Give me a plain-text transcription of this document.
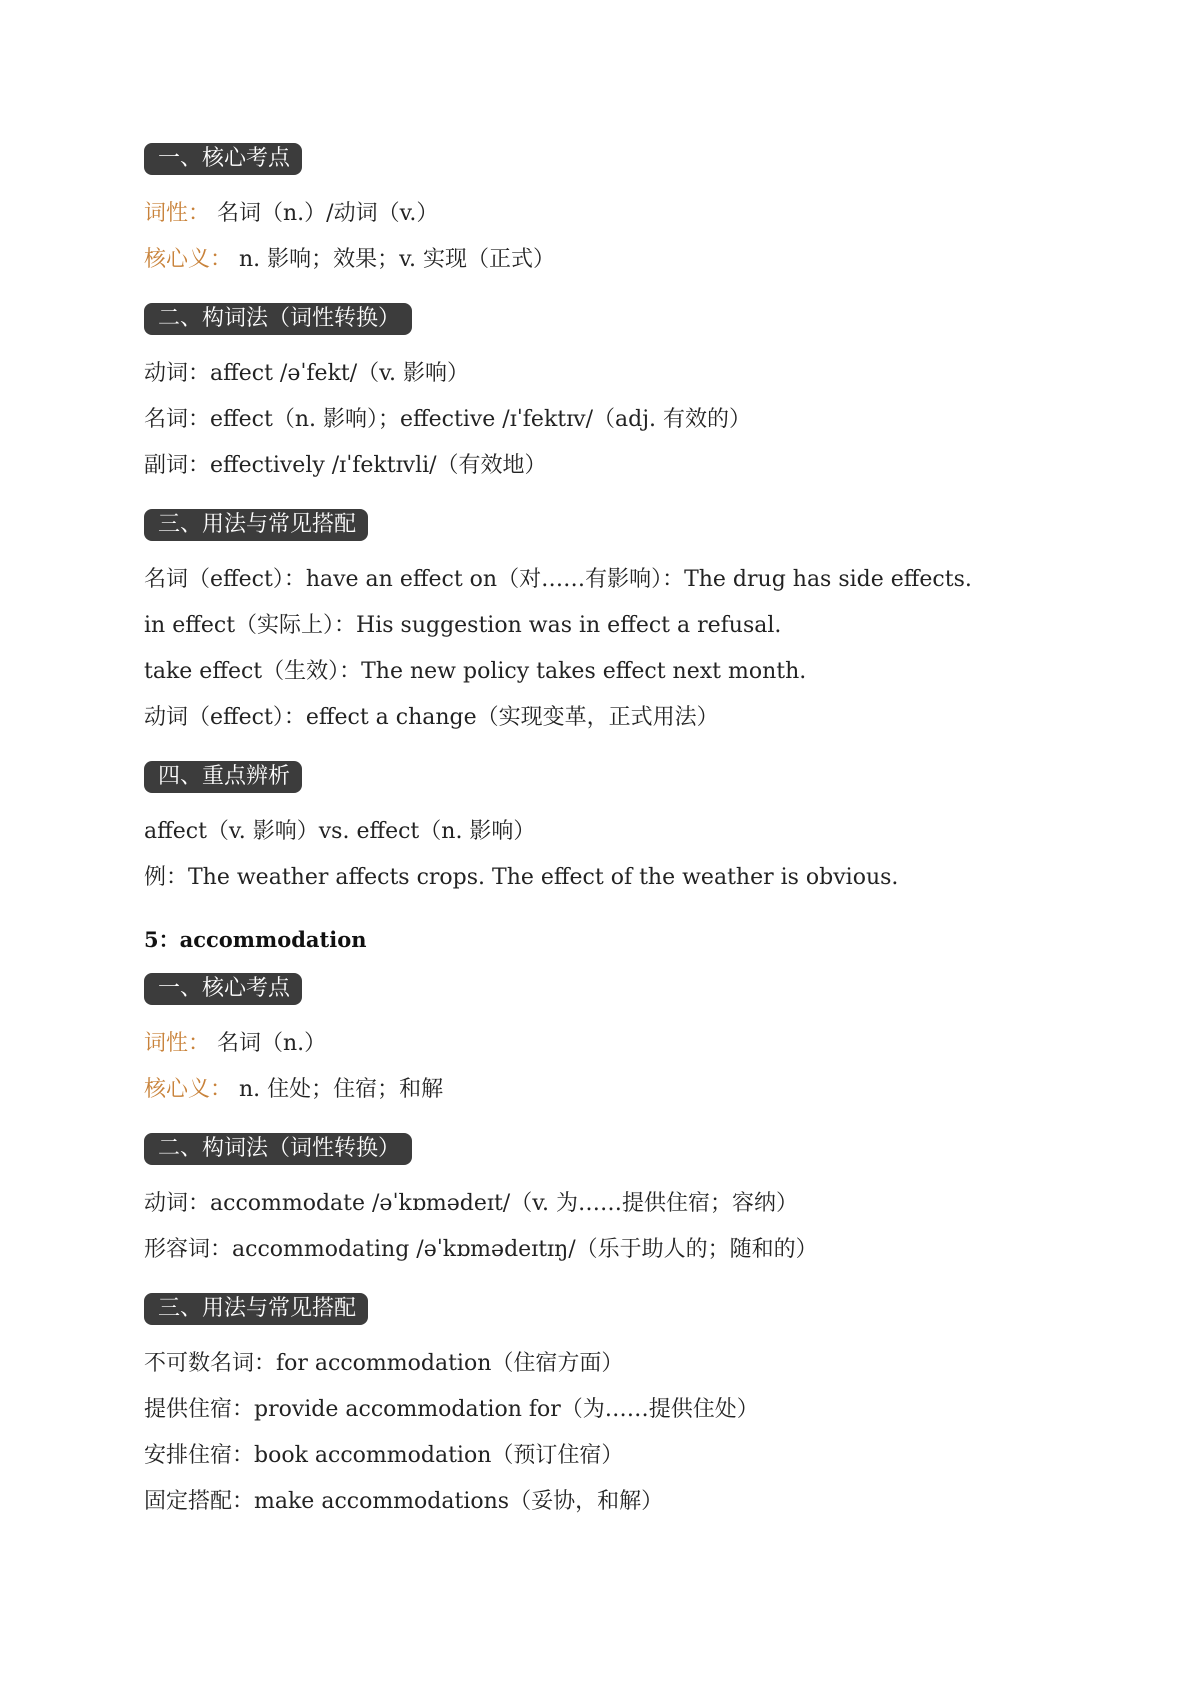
一、核心考点
词性： 名词（n.）/动词（v.）
核心义： n. 影响；效果；v. 实现（正式）
二、构词法（词性转换）
动词：affect /əˈfekt/（v. 影响）
名词：effect（n. 影响）；effective /ɪˈfektɪv/（adj. 有效的）
副词：effectively /ɪˈfektɪvli/（有效地）
三、用法与常见搭配
名词（effect）：have an effect on（对……有影响）：The drug has side effects.
in effect（实际上）：His suggestion was in effect a refusal.
take effect（生效）：The new policy takes effect next month.
动词（effect）：effect a change（实现变革，正式用法）
四、重点辨析
affect（v. 影响）vs. effect（n. 影响）
例：The weather affects crops. The effect of the weather is obvious.
5：accommodation
一、核心考点
词性： 名词（n.）
核心义： n. 住处；住宿；和解
二、构词法（词性转换）
动词：accommodate /əˈkɒmədeɪt/（v. 为……提供住宿；容纳）
形容词：accommodating /əˈkɒmədeɪtɪŋ/（乐于助人的；随和的）
三、用法与常见搭配
不可数名词：for accommodation（住宿方面）
提供住宿：provide accommodation for（为……提供住处）
安排住宿：book accommodation（预订住宿）
固定搭配：make accommodations（妥协，和解）
